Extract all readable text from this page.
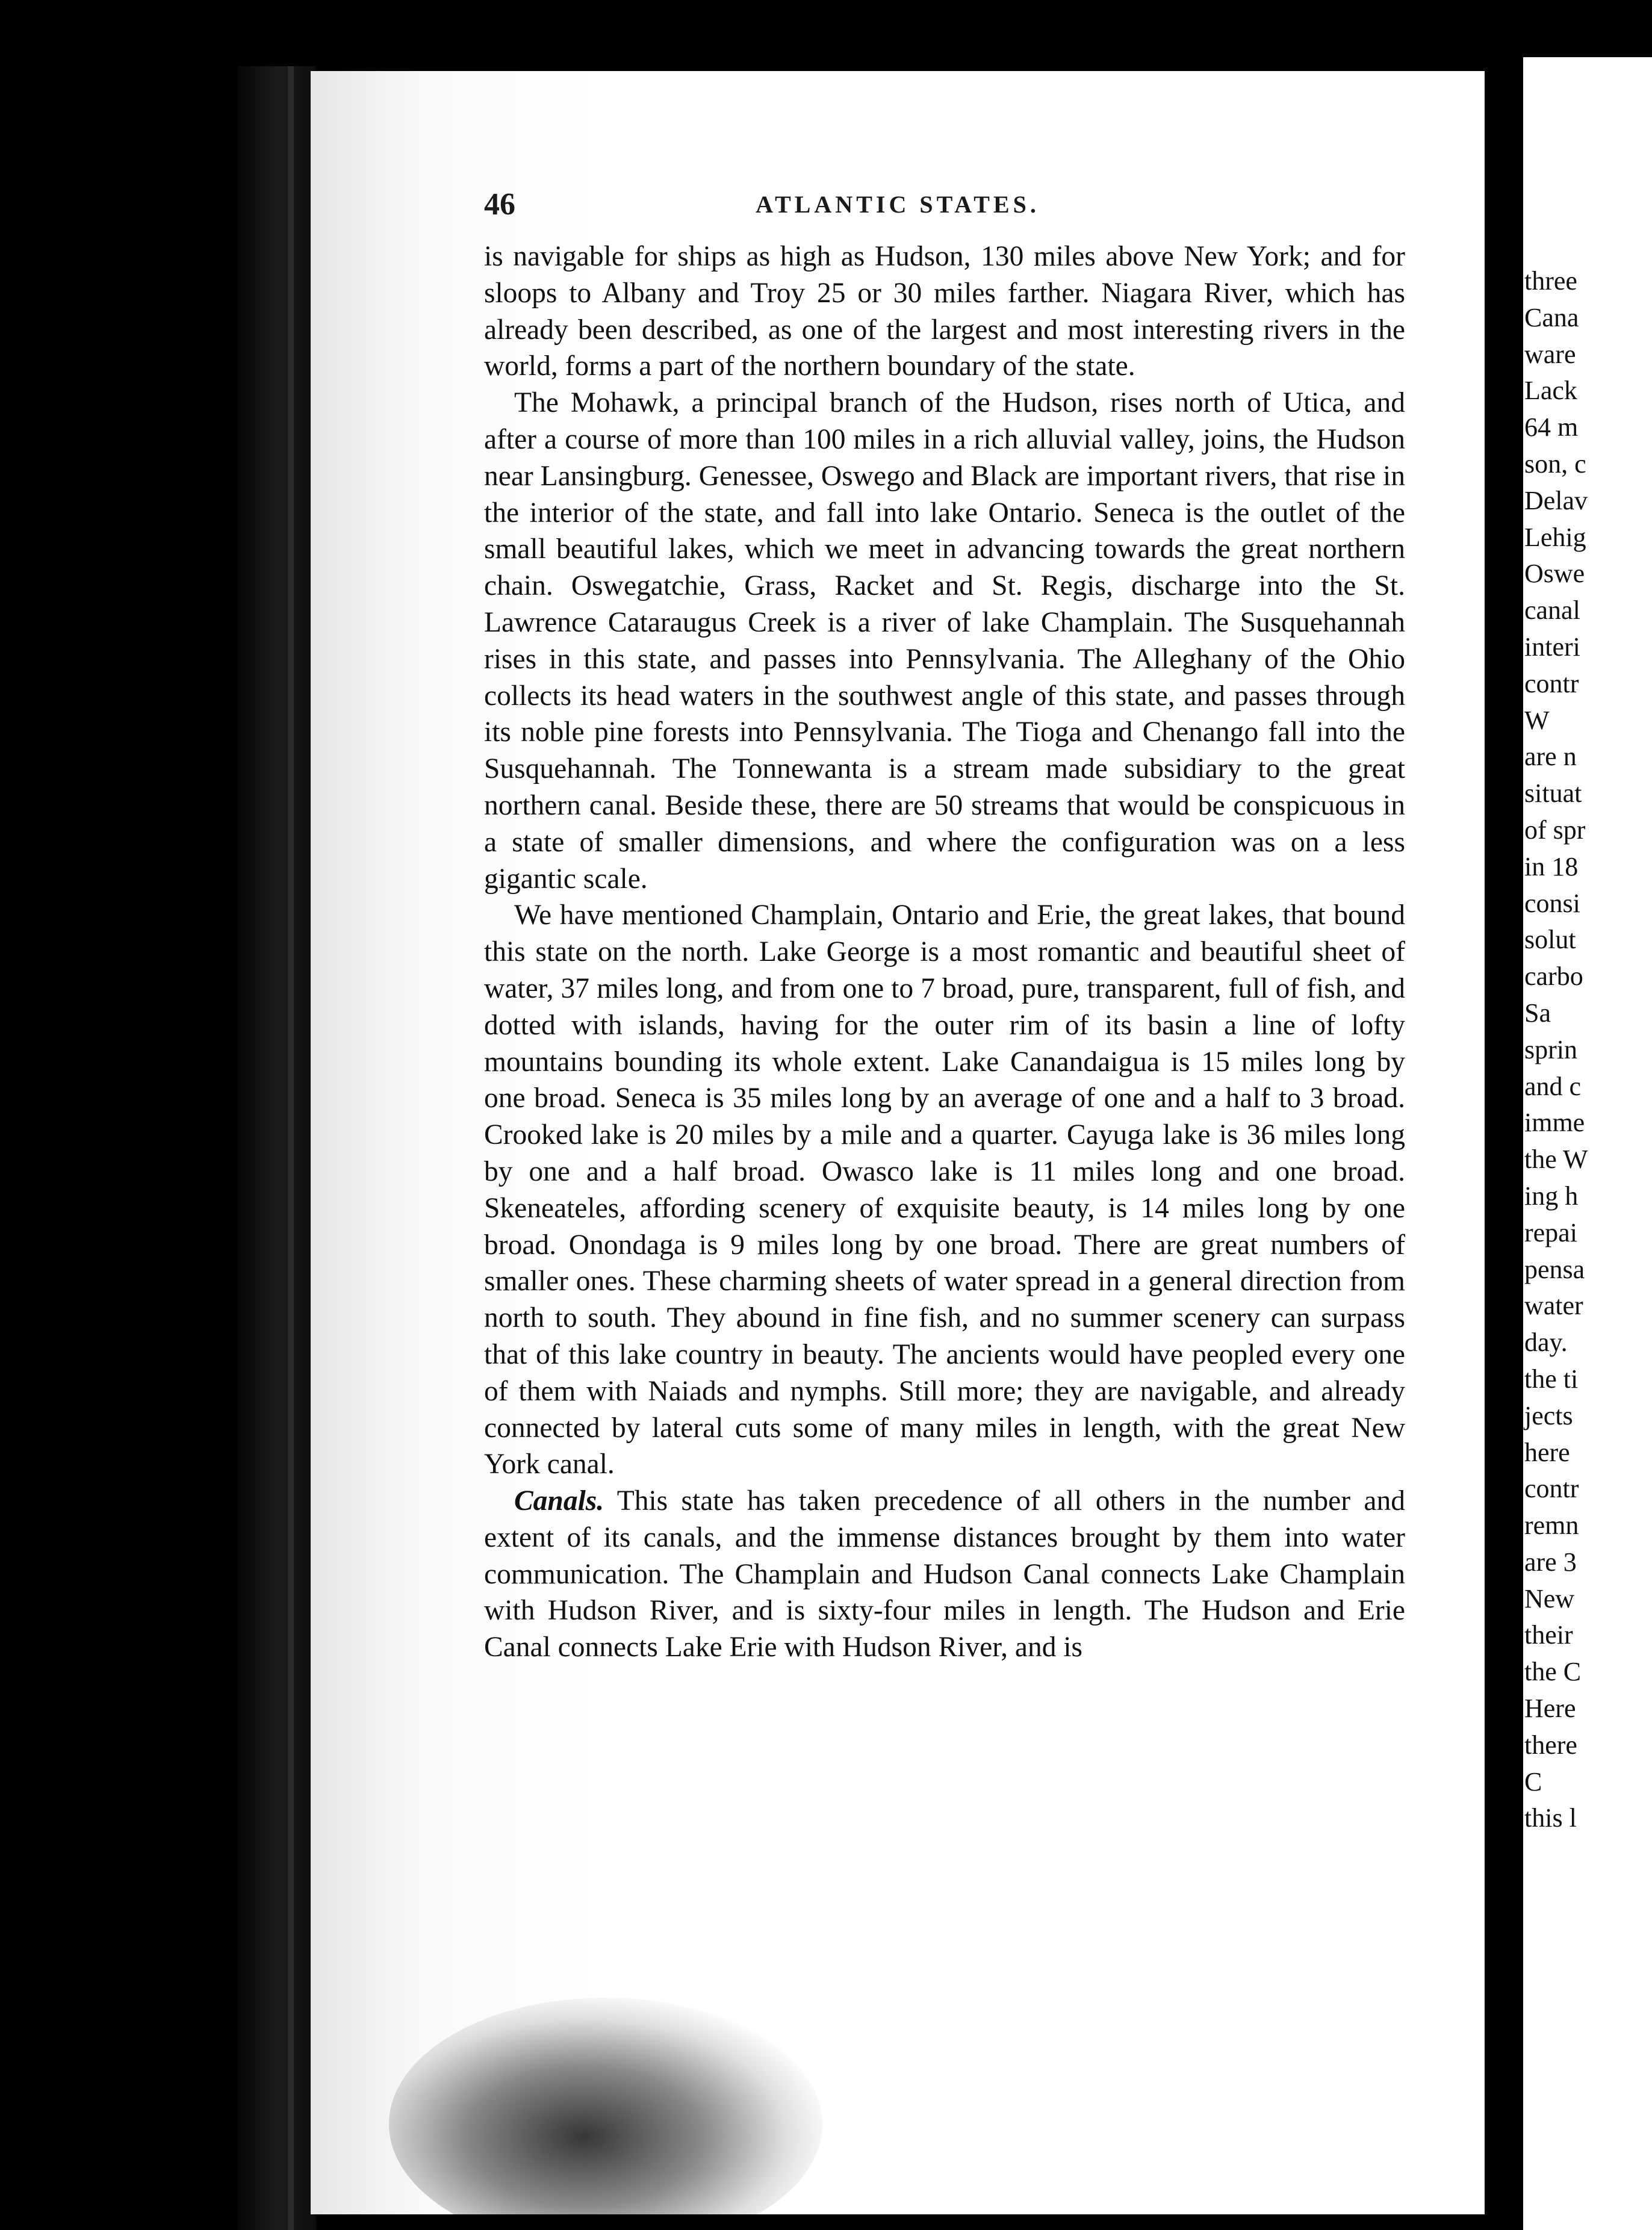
46	ATLANTIC STATES.

is navigable for ships as high as Hudson, 130 miles above New York; and for sloops to Albany and Troy 25 or 30 miles farther. Niagara River, which has already been described, as one of the largest and most interesting rivers in the world, forms a part of the northern boundary of the state.

The Mohawk, a principal branch of the Hudson, rises north of Utica, and after a course of more than 100 miles in a rich alluvial valley, joins, the Hudson near Lansingburg. Genessee, Oswego and Black are important rivers, that rise in the interior of the state, and fall into lake Ontario. Seneca is the outlet of the small beautiful lakes, which we meet in advancing towards the great northern chain. Oswegatchie, Grass, Racket and St. Regis, discharge into the St. Lawrence Cataraugus Creek is a river of lake Champlain. The Susquehannah rises in this state, and passes into Pennsylvania. The Alleghany of the Ohio collects its head waters in the southwest angle of this state, and passes through its noble pine forests into Pennsylvania. The Tioga and Chenango fall into the Susquehannah. The Tonnewanta is a stream made subsidiary to the great northern canal. Beside these, there are 50 streams that would be conspicuous in a state of smaller dimensions, and where the configuration was on a less gigantic scale.

We have mentioned Champlain, Ontario and Erie, the great lakes, that bound this state on the north. Lake George is a most romantic and beautiful sheet of water, 37 miles long, and from one to 7 broad, pure, transparent, full of fish, and dotted with islands, having for the outer rim of its basin a line of lofty mountains bounding its whole extent. Lake Canandaigua is 15 miles long by one broad. Seneca is 35 miles long by an average of one and a half to 3 broad. Crooked lake is 20 miles by a mile and a quarter. Cayuga lake is 36 miles long by one and a half broad. Owasco lake is 11 miles long and one broad. Skeneateles, affording scenery of exquisite beauty, is 14 miles long by one broad. Onondaga is 9 miles long by one broad. There are great numbers of smaller ones. These charming sheets of water spread in a general direction from north to south. They abound in fine fish, and no summer scenery can surpass that of this lake country in beauty. The ancients would have peopled every one of them with Naiads and nymphs. Still more; they are navigable, and already connected by lateral cuts some of many miles in length, with the great New York canal.

Canals. This state has taken precedence of all others in the number and extent of its canals, and the immense distances brought by them into water communication. The Champlain and Hudson Canal connects Lake Champlain with Hudson River, and is sixty-four miles in length. The Hudson and Erie Canal connects Lake Erie with Hudson River, and is

three
Cana
ware
Lack
64 m
son, c
Delav
Lehig
Oswe
canal
interi
contr
W
are n
situat
of spr
in 18
consi
solut
carbo
Sa
sprin
and c
imme
the W
ing h
repai
pensa
water
day.
the ti
jects
here
contr
remn
are 3
New
their
the C
Here
there
C
this l
